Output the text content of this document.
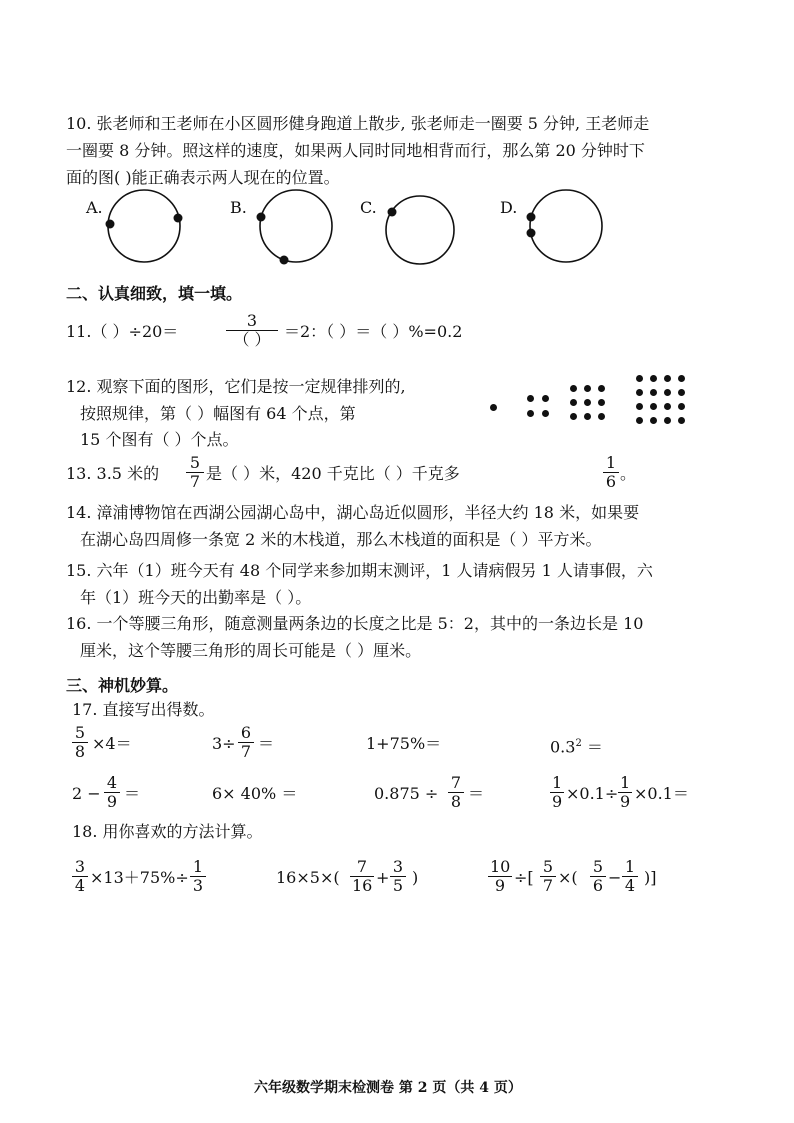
10. 张老师和王老师在小区圆形健身跑道上散步, 张老师走一圈要 5 分钟, 王老师走
一圈要 8 分钟。照这样的速度，如果两人同时同地相背而行，那么第 20 分钟时下
面的图( )能正确表示两人现在的位置。
A.	B.	C.	D.
二、认真细致，填一填。
11.（ ）÷20＝
3
（ ） ＝2：（ ）＝（ ）%=0.2
12. 观察下面的图形，它们是按一定规律排列的,
按照规律，第（ ）幅图有 64 个点，第
15 个图有（ ）个点。
13. 3.5 米的 $\frac{5}{7}$ 是（ ）米，420 千克比（ ）千克多	$\frac{1}{6}$ 。
14. 漳浦博物馆在西湖公园湖心岛中，湖心岛近似圆形，半径大约 18 米，如果要
在湖心岛四周修一条宽 2 米的木栈道，那么木栈道的面积是（ ）平方米。
15. 六年（1）班今天有 48 个同学来参加期末测评，1 人请病假另 1 人请事假，六
年（1）班今天的出勤率是（ ）。
16. 一个等腰三角形，随意测量两条边的长度之比是 5：2，其中的一条边长是 10
厘米，这个等腰三角形的周长可能是（ ）厘米。
三、神机妙算。
17. 直接写出得数。
$\frac{5}{8} \times 4=$	$3\div \frac{6}{7}$ ＝	1+75%＝	$0.3^2$ ＝
$2 - \frac{4}{9}$ ＝	6× 40% ＝	$0.875 \div \frac{7}{8}$ ＝	$\frac{1}{9} \times 0.1\div \frac{1}{9} \times 0.1=$
18. 用你喜欢的方法计算。
$\frac{3}{4} \times 13+75\%\div \frac{1}{3}$	$16\times 5\times( \frac{7}{16} + \frac{3}{5}$ )	$\frac{10}{9}$ ÷[ $\frac{5}{7}$ ×( $\frac{5}{6} - \frac{1}{4}$ )]
六年级数学期末检测卷 第 2 页（共 4 页）
